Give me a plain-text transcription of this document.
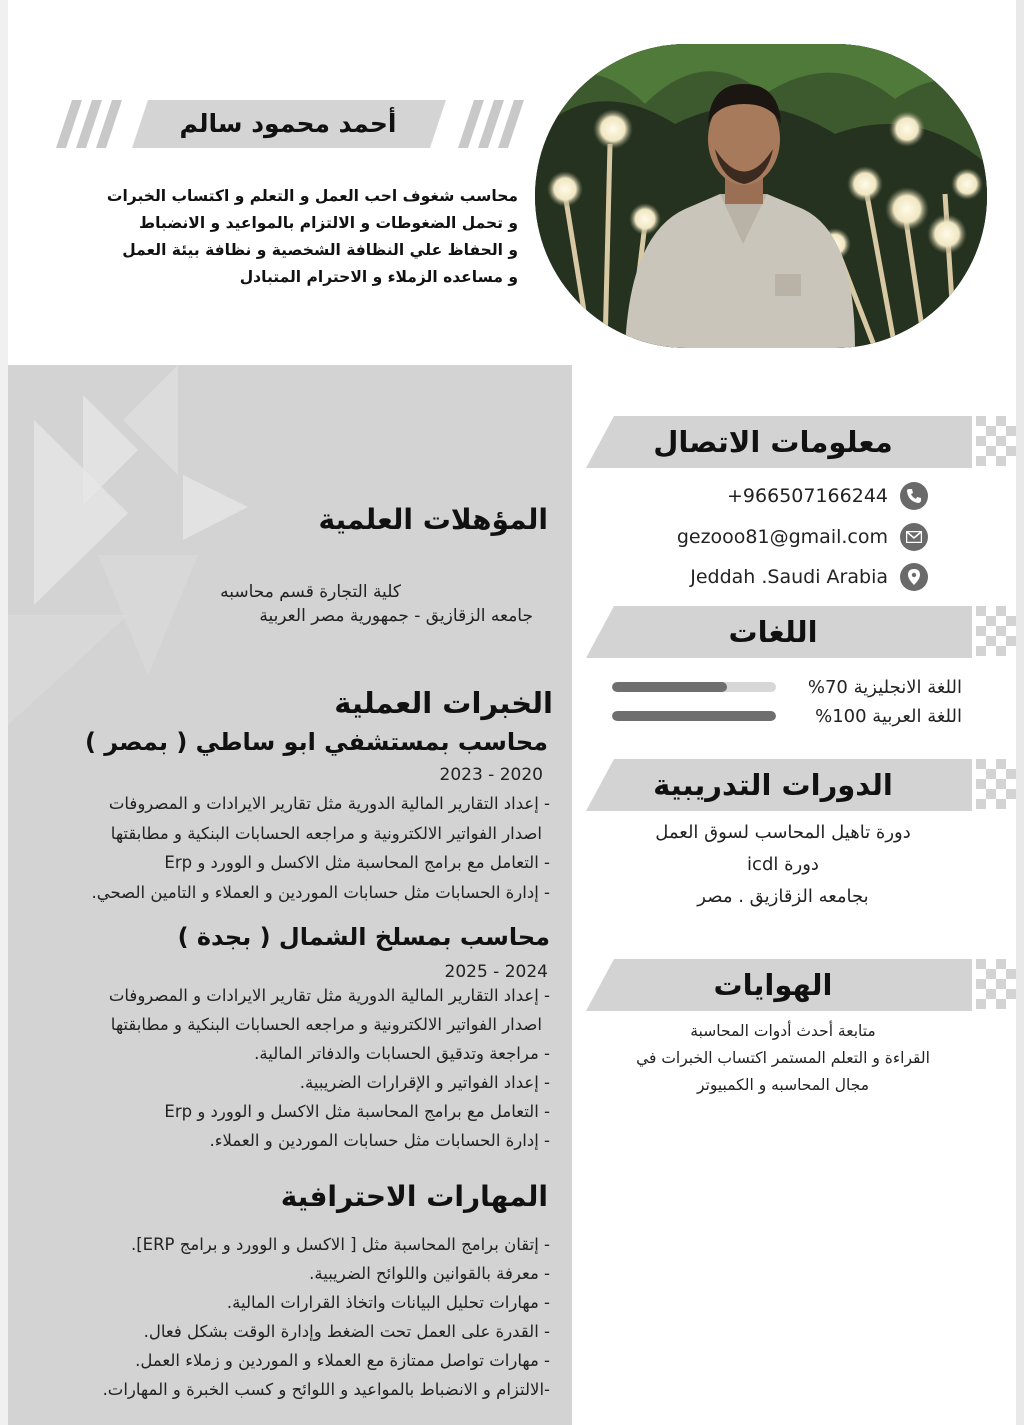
أحمد محمود سالم
محاسب شغوف احب العمل و التعلم و اكتساب الخبرات
و تحمل الضغوطات و الالتزام بالمواعيد و الانضباط
و الحفاظ علي النظافة الشخصية و نظافة بيئة العمل
و مساعده الزملاء و الاحترام المتبادل
المؤهلات العلمية
كلية التجارة قسم محاسبه
جامعه الزقازيق - جمهورية مصر العربية
الخبرات العملية
محاسب بمستشفي ابو ساطي ( بمصر )
2020 - 2023
- إعداد التقارير المالية الدورية مثل تقارير الايرادات و المصروفات
اصدار الفواتير الالكترونية و مراجعه الحسابات البنكية و مطابقتها
- التعامل مع برامج المحاسبة مثل الاكسل و الوورد و Erp
- إدارة الحسابات مثل حسابات الموردين و العملاء و التامين الصحي.
محاسب بمسلخ الشمال ( بجدة )
2024 - 2025
- إعداد التقارير المالية الدورية مثل تقارير الايرادات و المصروفات
اصدار الفواتير الالكترونية و مراجعه الحسابات البنكية و مطابقتها
- مراجعة وتدقيق الحسابات والدفاتر المالية.
- إعداد الفواتير و الإقرارات الضريبية.
- التعامل مع برامج المحاسبة مثل الاكسل و الوورد و Erp
- إدارة الحسابات مثل حسابات الموردين و العملاء.
المهارات الاحترافية
- إتقان برامج المحاسبة مثل [ الاكسل و الوورد و برامج ERP].
- معرفة بالقوانين واللوائح الضريبية.
- مهارات تحليل البيانات واتخاذ القرارات المالية.
- القدرة على العمل تحت الضغط وإدارة الوقت بشكل فعال.
- مهارات تواصل ممتازة مع العملاء و الموردين و زملاء العمل.
-الالتزام و الانضباط بالمواعيد و اللوائح و كسب الخبرة و المهارات.
معلومات الاتصال
+966507166244
gezooo81@gmail.com
Jeddah .Saudi Arabia
اللغات
اللغة الانجليزية 70%
اللغة العربية 100%
الدورات التدريبية
دورة تاهيل المحاسب لسوق العمل
دورة icdl
بجامعه الزقازيق . مصر
الهوايات
متابعة أحدث أدوات المحاسبة
القراءة و التعلم المستمر اكتساب الخبرات في
مجال المحاسبه و الكمبيوتر
